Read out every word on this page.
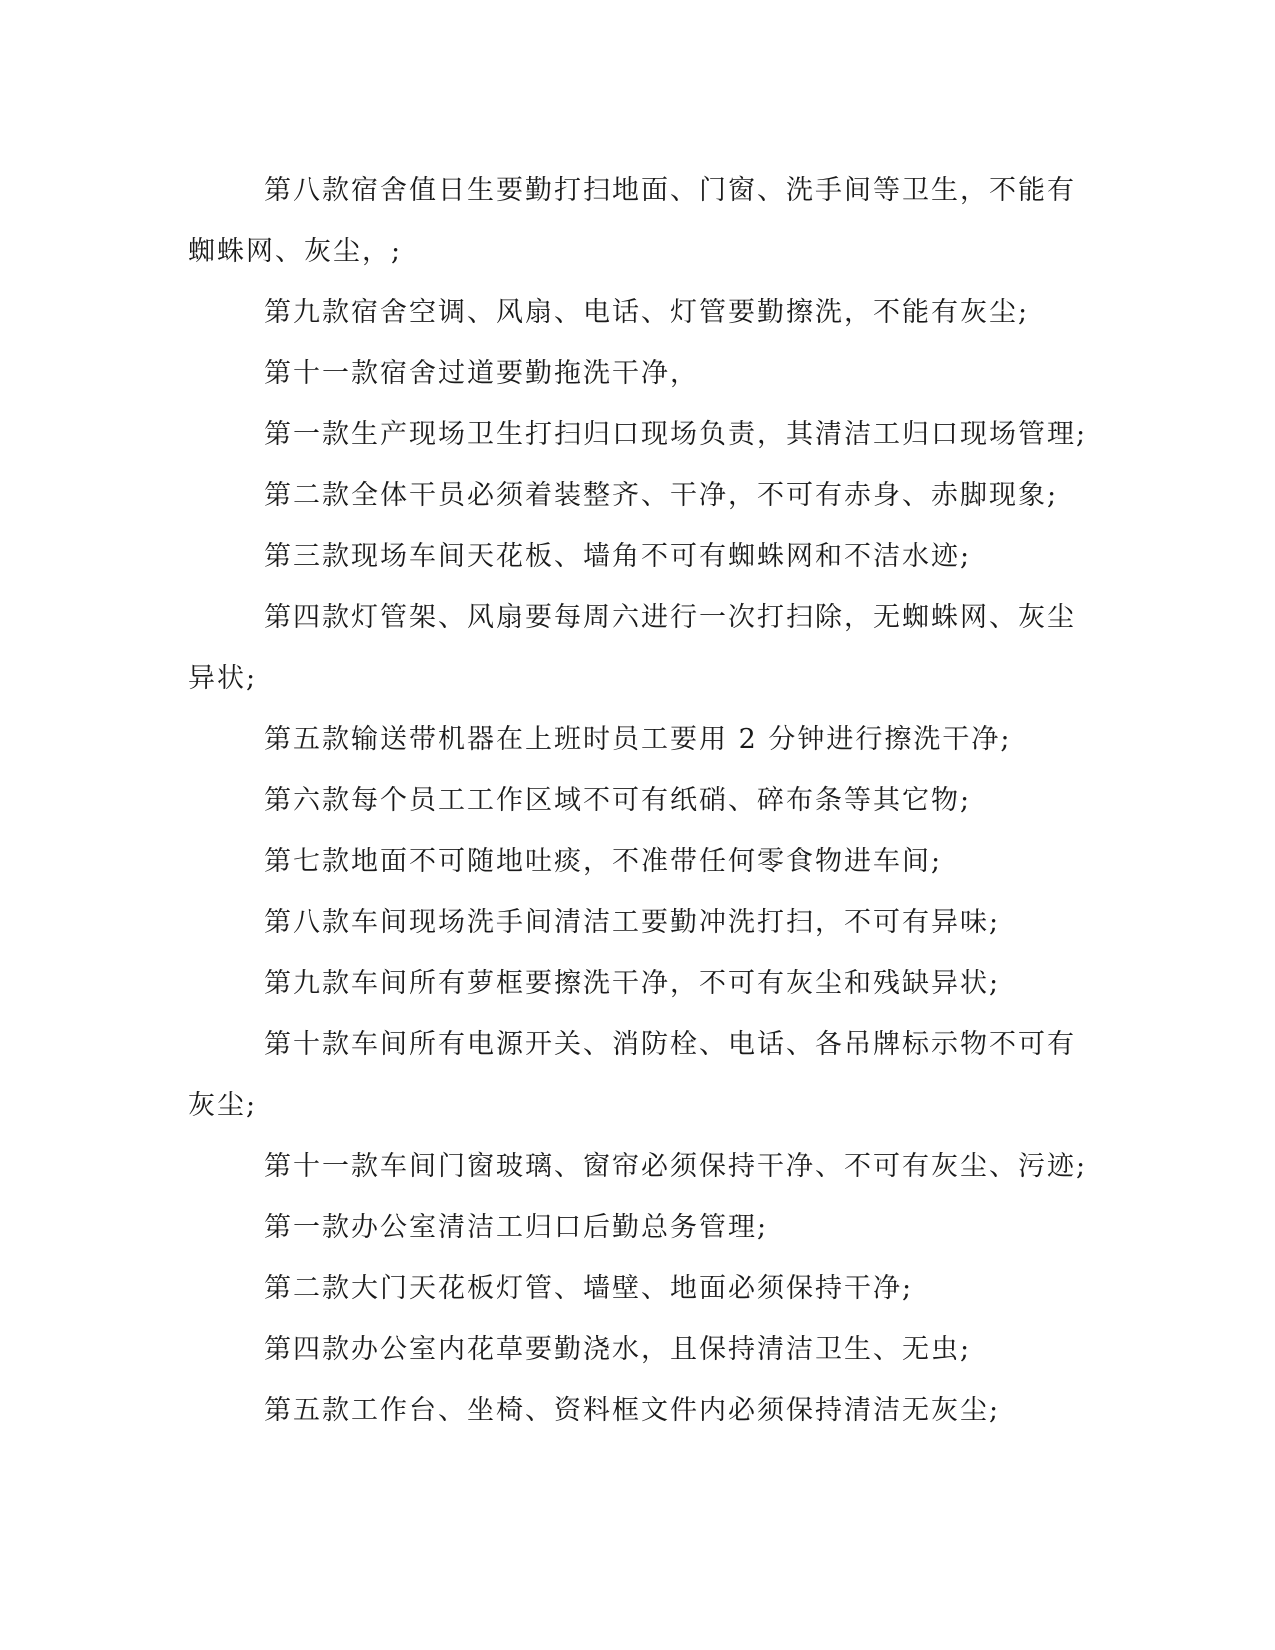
第八款宿舍值日生要勤打扫地面、门窗、洗手间等卫生，不能有蜘蛛网、灰尘，;

第九款宿舍空调、风扇、电话、灯管要勤擦洗，不能有灰尘;

第十一款宿舍过道要勤拖洗干净，

第一款生产现场卫生打扫归口现场负责，其清洁工归口现场管理;

第二款全体干员必须着装整齐、干净，不可有赤身、赤脚现象;

第三款现场车间天花板、墙角不可有蜘蛛网和不洁水迹;

第四款灯管架、风扇要每周六进行一次打扫除，无蜘蛛网、灰尘异状;

第五款输送带机器在上班时员工要用 2 分钟进行擦洗干净;

第六款每个员工工作区域不可有纸硝、碎布条等其它物;

第七款地面不可随地吐痰，不准带任何零食物进车间;

第八款车间现场洗手间清洁工要勤冲洗打扫，不可有异味;

第九款车间所有萝框要擦洗干净，不可有灰尘和残缺异状;

第十款车间所有电源开关、消防栓、电话、各吊牌标示物不可有灰尘;

第十一款车间门窗玻璃、窗帘必须保持干净、不可有灰尘、污迹;

第一款办公室清洁工归口后勤总务管理;

第二款大门天花板灯管、墙壁、地面必须保持干净;

第四款办公室内花草要勤浇水，且保持清洁卫生、无虫;

第五款工作台、坐椅、资料框文件内必须保持清洁无灰尘;
